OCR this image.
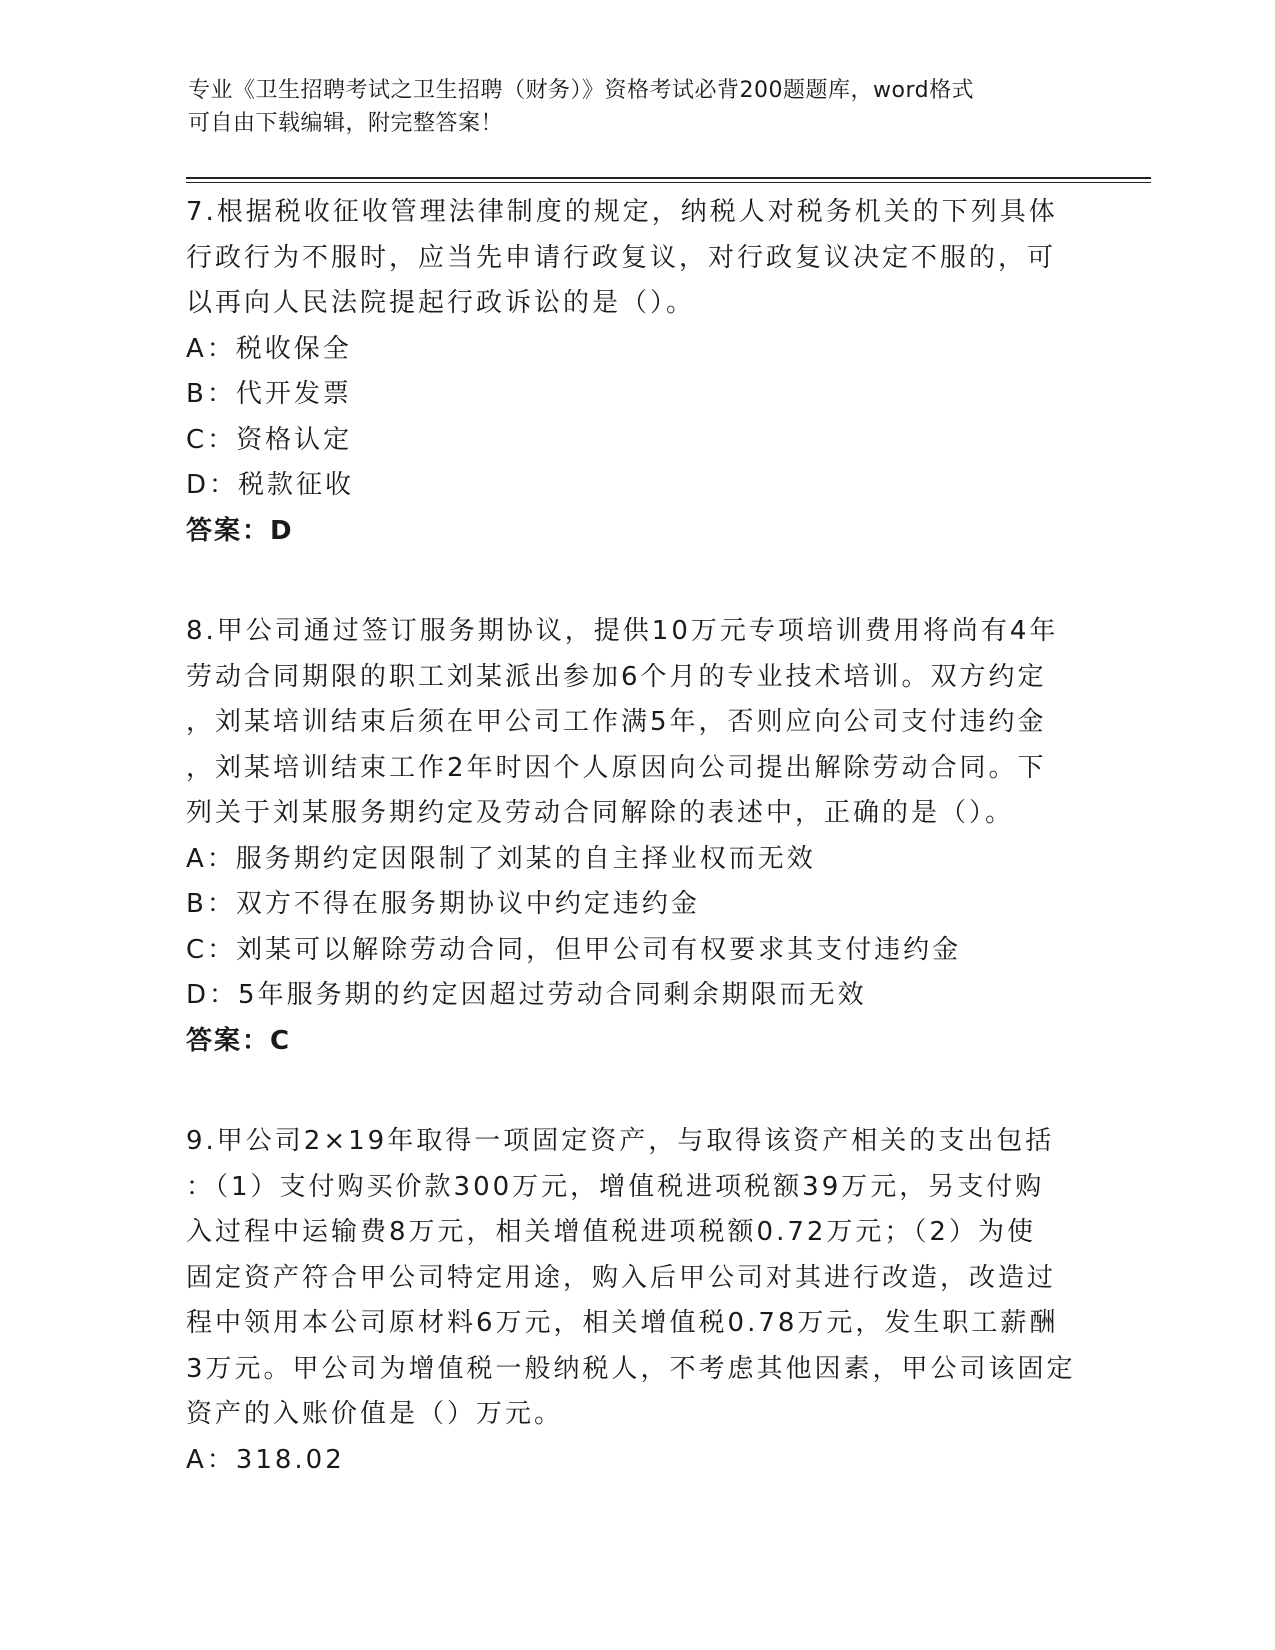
专业《卫生招聘考试之卫生招聘（财务）》资格考试必背200题题库，word格式
可自由下载编辑，附完整答案！

7.根据税收征收管理法律制度的规定，纳税人对税务机关的下列具体

行政行为不服时，应当先申请行政复议，对行政复议决定不服的，可

以再向人民法院提起行政诉讼的是（）。

A：税收保全
B：代开发票
C：资格认定
D：税款征收
答案：D

8.甲公司通过签订服务期协议，提供10万元专项培训费用将尚有4年

劳动合同期限的职工刘某派出参加6个月的专业技术培训。双方约定

，刘某培训结束后须在甲公司工作满5年，否则应向公司支付违约金

，刘某培训结束工作2年时因个人原因向公司提出解除劳动合同。下

列关于刘某服务期约定及劳动合同解除的表述中，正确的是（）。

A：服务期约定因限制了刘某的自主择业权而无效
B：双方不得在服务期协议中约定违约金
C：刘某可以解除劳动合同，但甲公司有权要求其支付违约金
D：5年服务期的约定因超过劳动合同剩余期限而无效
答案：C

9.甲公司2×19年取得一项固定资产，与取得该资产相关的支出包括

：（1）支付购买价款300万元，增值税进项税额39万元，另支付购

入过程中运输费8万元，相关增值税进项税额0.72万元；（2）为使

固定资产符合甲公司特定用途，购入后甲公司对其进行改造，改造过

程中领用本公司原材料6万元，相关增值税0.78万元，发生职工薪酬

3万元。甲公司为增值税一般纳税人，不考虑其他因素，甲公司该固定

资产的入账价值是（）万元。

A：318.02
